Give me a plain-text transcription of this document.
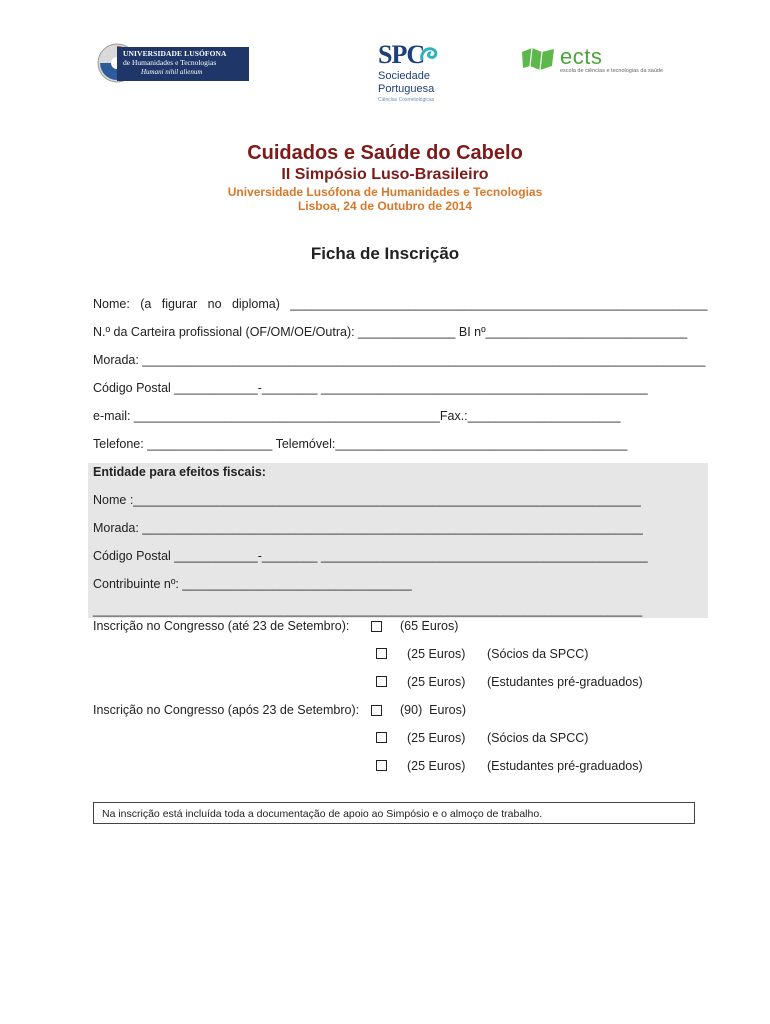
UNIVERSIDADE LUSÓFONA
de Humanidades e Tecnologias
Humani nihil alienum
SPC
Sociedade
Portuguesa
Ciências Cosmetológicas
ects
escola de ciências e tecnologias da saúde
Cuidados e Saúde do Cabelo
II Simpósio Luso-Brasileiro
Universidade Lusófona de Humanidades e Tecnologias
Lisboa, 24 de Outubro de 2014
Ficha de Inscrição
Nome:   (a   figurar   no   diploma)   ____________________________________________________________
N.º da Carteira profissional (OF/OM/OE/Outra): ______________ BI nº_____________________________
Morada: _________________________________________________________________________________
Código Postal ____________-________ _______________________________________________
e-mail: ____________________________________________Fax.:______________________
Telefone: __________________ Telemóvel:__________________________________________
Entidade para efeitos fiscais:
Nome :_________________________________________________________________________
Morada: ________________________________________________________________________
Código Postal ____________-________ _______________________________________________
Contribuinte nº: _________________________________
_______________________________________________________________________________
Inscrição no Congresso (até 23 de Setembro):	(65 Euros)
(25 Euros) (Sócios da SPCC)
(25 Euros) (Estudantes pré-graduados)
Inscrição no Congresso (após 23 de Setembro):	(90)  Euros)
(25 Euros) (Sócios da SPCC)
(25 Euros) (Estudantes pré-graduados)
Na inscrição está incluída toda a documentação de apoio ao Simpósio e o almoço de trabalho.
